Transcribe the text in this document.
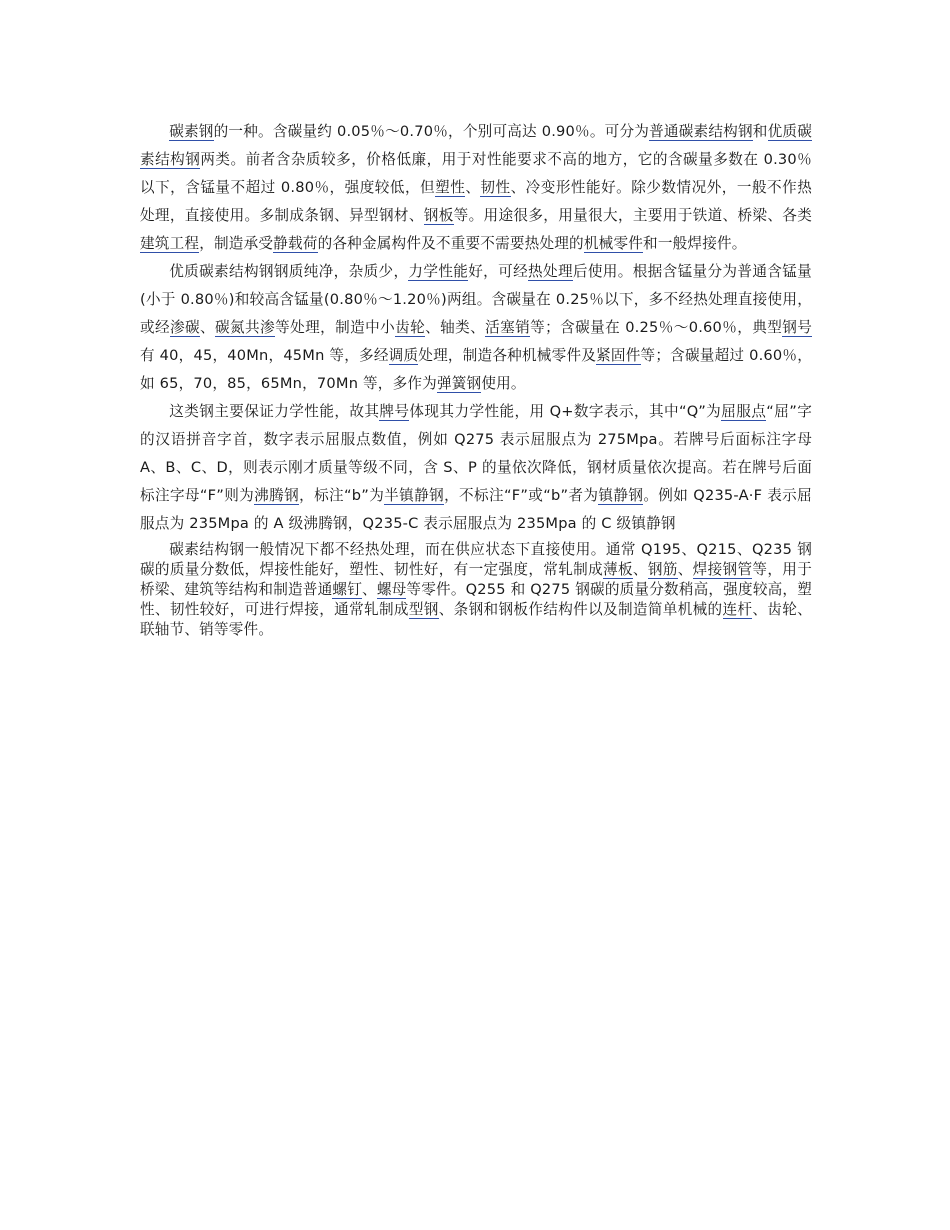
碳素钢的一种。含碳量约 0.05％～0.70％，个别可高达 0.90％。可分为普通碳素结构钢和优质碳素结构钢两类。前者含杂质较多，价格低廉，用于对性能要求不高的地方，它的含碳量多数在 0.30％以下，含锰量不超过 0.80％，强度较低，但塑性、韧性、冷变形性能好。除少数情况外，一般不作热处理，直接使用。多制成条钢、异型钢材、钢板等。用途很多，用量很大，主要用于铁道、桥梁、各类建筑工程，制造承受静载荷的各种金属构件及不重要不需要热处理的机械零件和一般焊接件。

优质碳素结构钢钢质纯净，杂质少，力学性能好，可经热处理后使用。根据含锰量分为普通含锰量(小于 0.80％)和较高含锰量(0.80％～1.20％)两组。含碳量在 0.25％以下，多不经热处理直接使用，或经渗碳、碳氮共渗等处理，制造中小齿轮、轴类、活塞销等；含碳量在 0.25％～0.60％，典型钢号有 40，45，40Mn，45Mn 等，多经调质处理，制造各种机械零件及紧固件等；含碳量超过 0.60％，如 65，70，85，65Mn，70Mn 等，多作为弹簧钢使用。

这类钢主要保证力学性能，故其牌号体现其力学性能，用 Q+数字表示，其中“Q”为屈服点“屈”字的汉语拼音字首，数字表示屈服点数值，例如 Q275 表示屈服点为 275Mpa。若牌号后面标注字母 A、B、C、D，则表示刚才质量等级不同，含 S、P 的量依次降低，钢材质量依次提高。若在牌号后面标注字母“F”则为沸腾钢，标注“b”为半镇静钢，不标注“F”或“b”者为镇静钢。例如 Q235-A·F 表示屈服点为 235Mpa 的 A 级沸腾钢，Q235-C 表示屈服点为 235Mpa 的 C 级镇静钢

碳素结构钢一般情况下都不经热处理，而在供应状态下直接使用。通常 Q195、Q215、Q235 钢碳的质量分数低，焊接性能好，塑性、韧性好，有一定强度，常轧制成薄板、钢筋、焊接钢管等，用于桥梁、建筑等结构和制造普通螺钉、螺母等零件。Q255 和 Q275 钢碳的质量分数稍高，强度较高，塑性、韧性较好，可进行焊接，通常轧制成型钢、条钢和钢板作结构件以及制造简单机械的连杆、齿轮、联轴节、销等零件。
